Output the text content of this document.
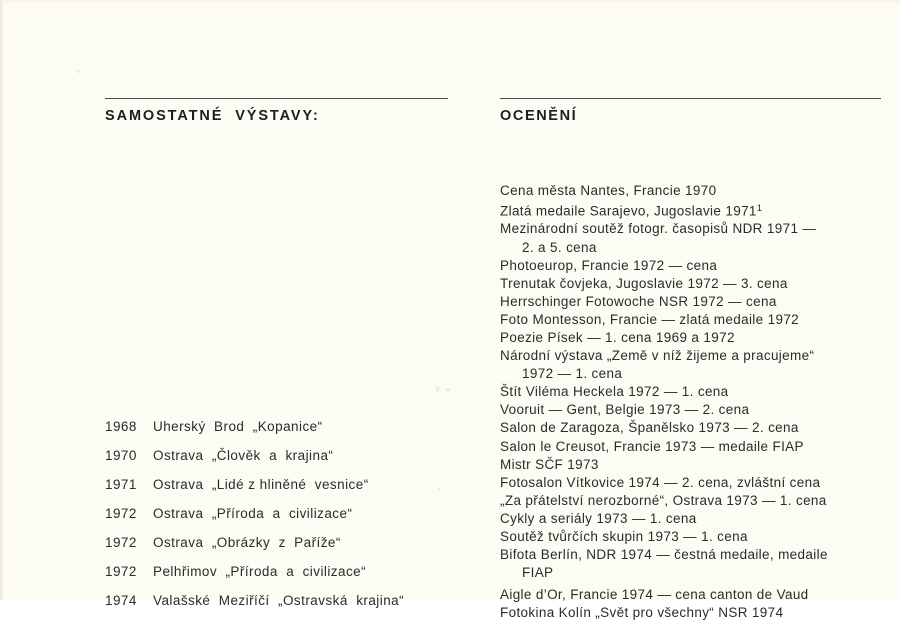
SAMOSTATNÉ  VÝSTAVY:
1968	Uherský  Brod  „Kopanice“
1970	Ostrava  „Člověk  a  krajina“
1971	Ostrava  „Lidé z hliněné  vesnice“
1972	Ostrava  „Příroda  a  civilizace“
1972	Ostrava  „Obrázky  z  Paříže“
1972	Pelhřimov  „Příroda  a  civilizace“
1974	Valašské  Meziříčí  „Ostravská  krajina“
OCENĚNÍ
Cena města Nantes, Francie 1970
Zlatá medaile Sarajevo, Jugoslavie 1971$^1$
Mezinárodní soutěž fotogr. časopisů NDR 1971 —
2. a 5. cena
Photoeurop, Francie 1972 — cena
Trenutak čovjeka, Jugoslavie 1972 — 3. cena
Herrschinger Fotowoche NSR 1972 — cena
Foto Montesson, Francie — zlatá medaile 1972
Poezie Písek — 1. cena 1969 a 1972
Národní výstava „Země v níž žijeme a pracujeme“
1972 — 1. cena
Štít Viléma Heckela 1972 — 1. cena
Vooruit — Gent, Belgie 1973 — 2. cena
Salon de Zaragoza, Španělsko 1973 — 2. cena
Salon le Creusot, Francie 1973 — medaile FIAP
Mistr SČF 1973
Fotosalon Vítkovice 1974 — 2. cena, zvláštní cena
„Za přátelství nerozborné“, Ostrava 1973 — 1. cena
Cykly a seriály 1973 — 1. cena
Soutěž tvůrčích skupin 1973 — 1. cena
Bifota Berlín, NDR 1974 — čestná medaile, medaile
FIAP
Aigle d’Or, Francie 1974 — cena canton de Vaud
Fotokina Kolín „Svět pro všechny“ NSR 1974
